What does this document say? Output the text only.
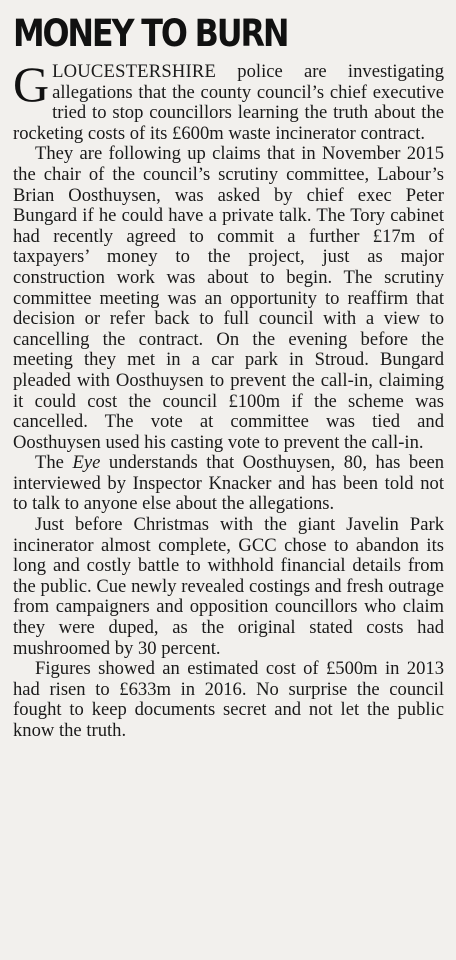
MONEY TO BURN

GLOUCESTERSHIRE police are investigating allegations that the county council’s chief executive tried to stop councillors learning the truth about the rocketing costs of its £600m waste incinerator contract.

They are following up claims that in November 2015 the chair of the council’s scrutiny committee, Labour’s Brian Oosthuysen, was asked by chief exec Peter Bungard if he could have a private talk. The Tory cabinet had recently agreed to commit a further £17m of taxpayers’ money to the project, just as major construction work was about to begin. The scrutiny committee meeting was an opportunity to reaffirm that decision or refer back to full council with a view to cancelling the contract. On the evening before the meeting they met in a car park in Stroud. Bungard pleaded with Oosthuysen to prevent the call-in, claiming it could cost the council £100m if the scheme was cancelled. The vote at committee was tied and Oosthuysen used his casting vote to prevent the call-in.

The Eye understands that Oosthuysen, 80, has been interviewed by Inspector Knacker and has been told not to talk to anyone else about the allegations.

Just before Christmas with the giant Javelin Park incinerator almost complete, GCC chose to abandon its long and costly battle to withhold financial details from the public. Cue newly revealed costings and fresh outrage from campaigners and opposition councillors who claim they were duped, as the original stated costs had mushroomed by 30 percent.

Figures showed an estimated cost of £500m in 2013 had risen to £633m in 2016. No surprise the council fought to keep documents secret and not let the public know the truth.
